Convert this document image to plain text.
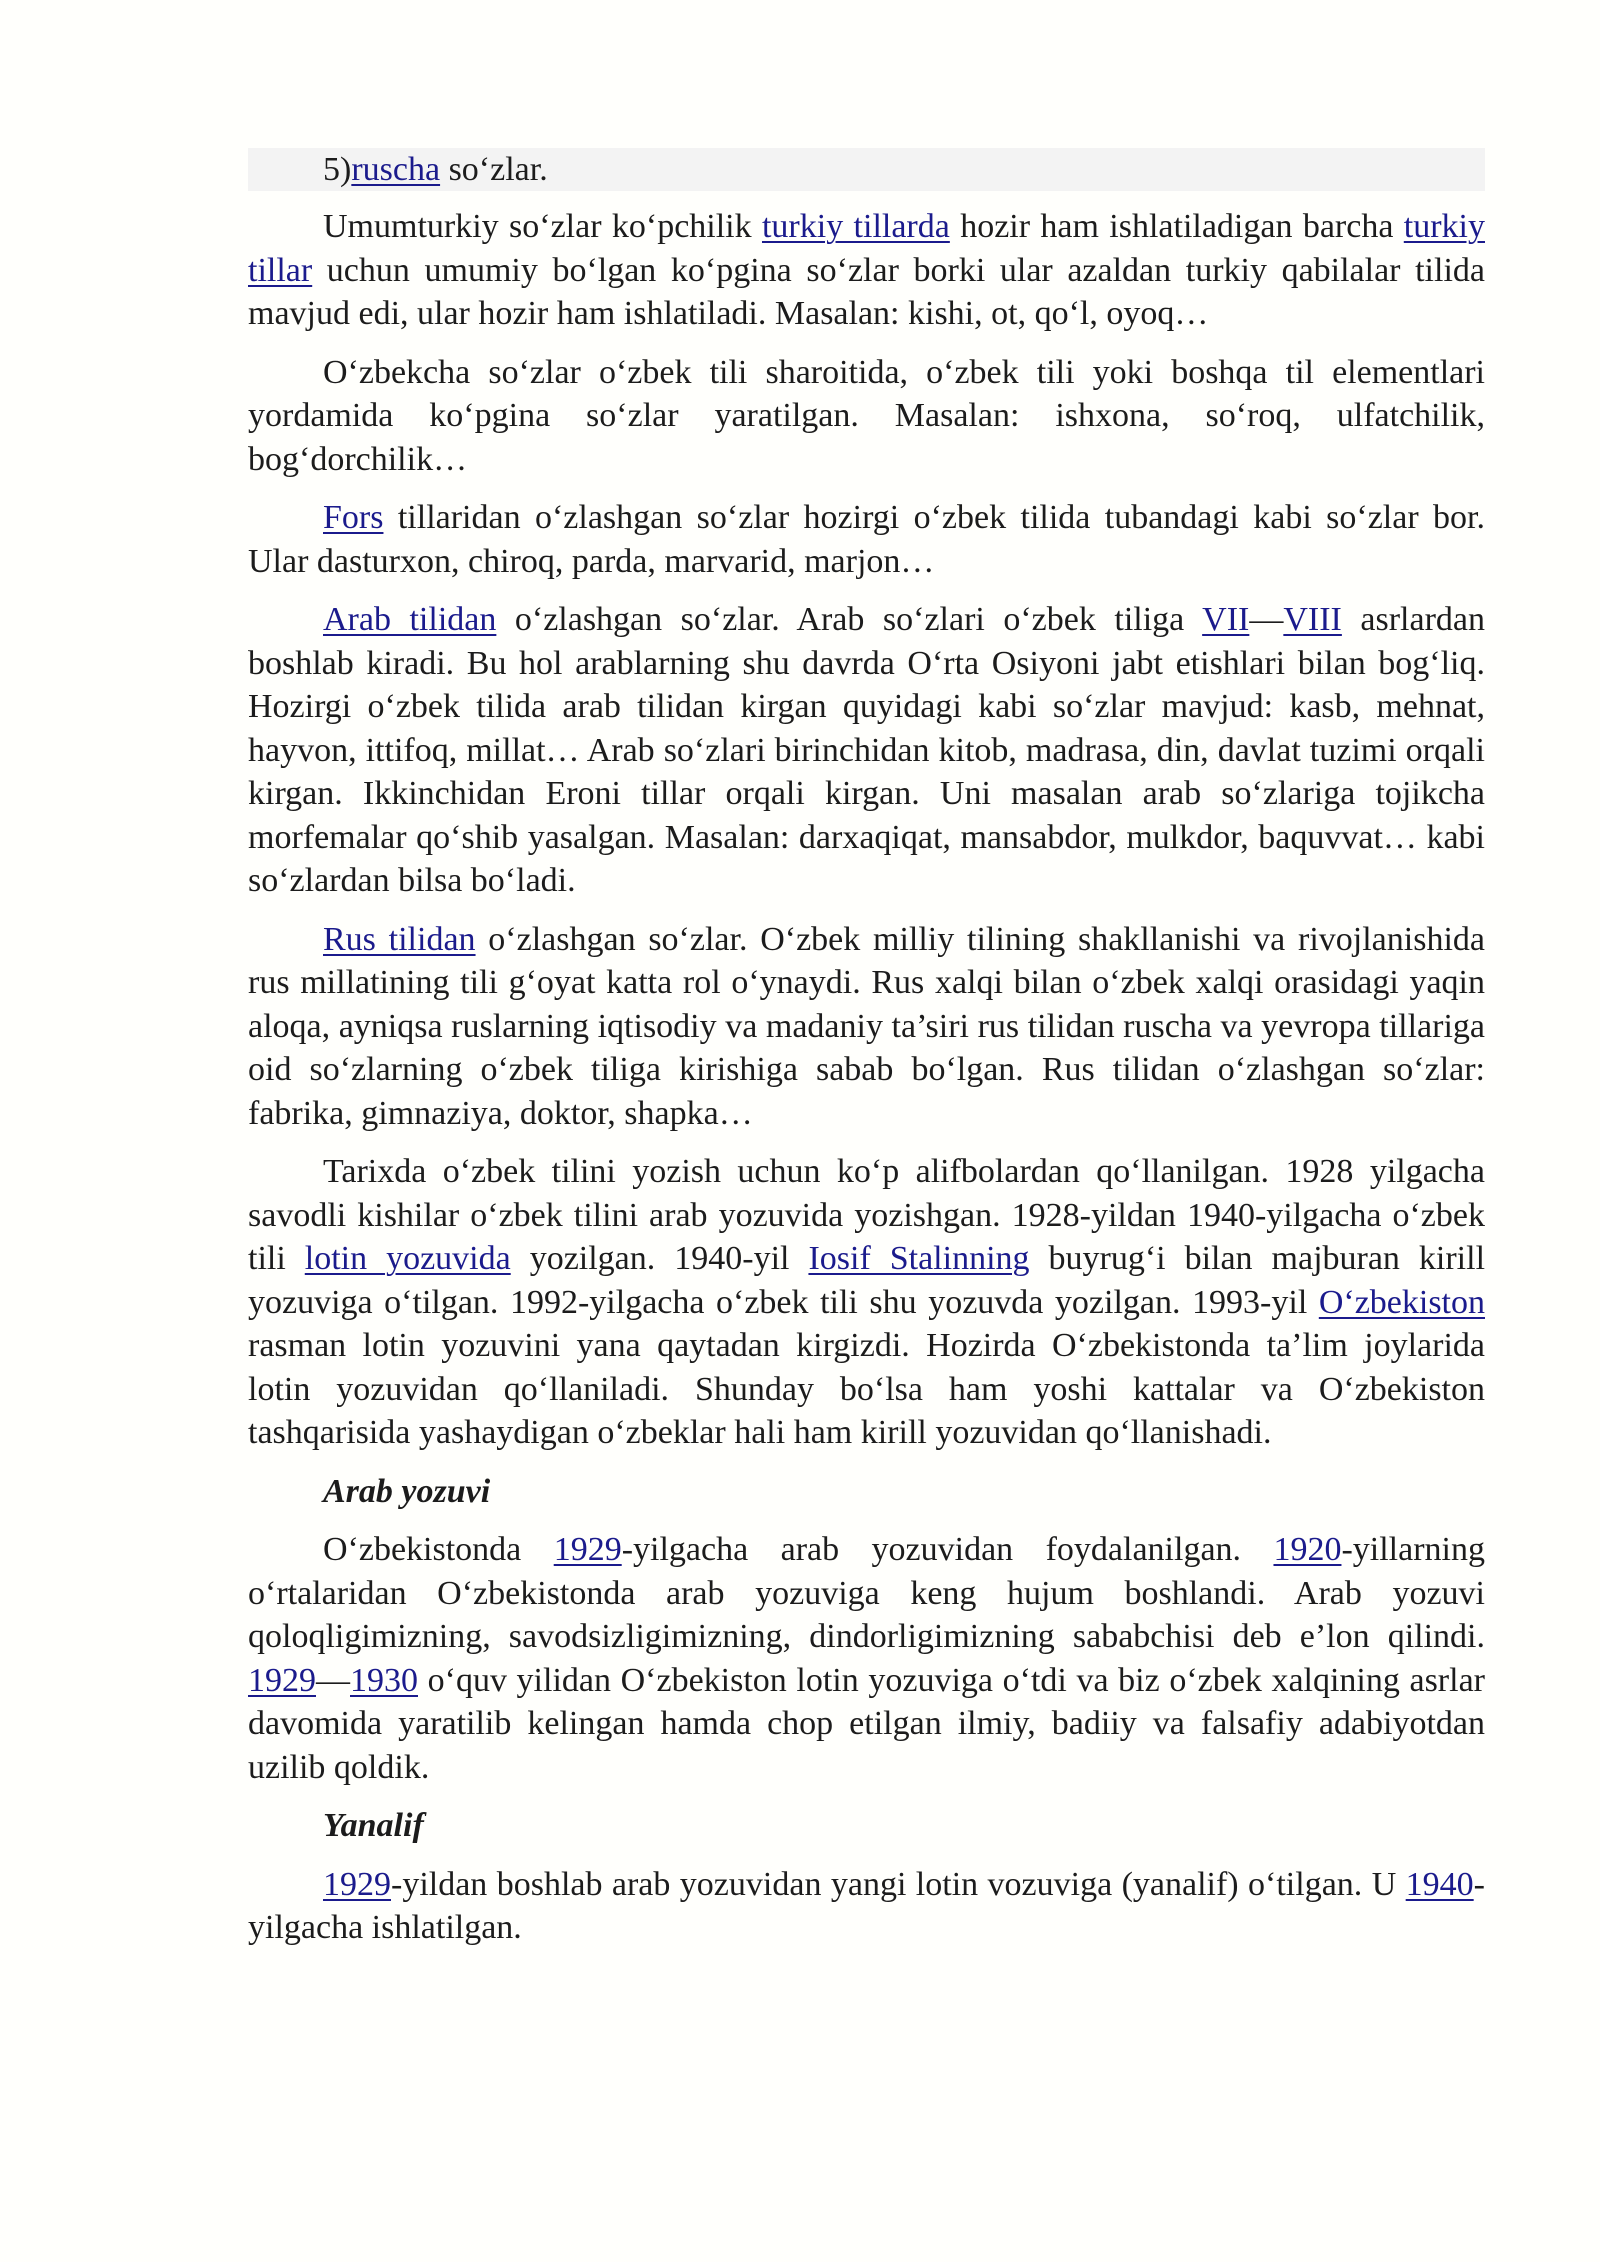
5)ruscha so‘zlar.

Umumturkiy so‘zlar ko‘pchilik turkiy tillarda hozir ham ishlatiladigan barcha turkiy tillar uchun umumiy bo‘lgan ko‘pgina so‘zlar borki ular azaldan turkiy qabilalar tilida mavjud edi, ular hozir ham ishlatiladi. Masalan: kishi, ot, qo‘l, oyoq…

O‘zbekcha so‘zlar o‘zbek tili sharoitida, o‘zbek tili yoki boshqa til elementlari yordamida ko‘pgina so‘zlar yaratilgan. Masalan: ishxona, so‘roq, ulfatchilik, bog‘dorchilik…

Fors tillaridan o‘zlashgan so‘zlar hozirgi o‘zbek tilida tubandagi kabi so‘zlar bor. Ular dasturxon, chiroq, parda, marvarid, marjon…

Arab tilidan o‘zlashgan so‘zlar. Arab so‘zlari o‘zbek tiliga VII—VIII asrlardan boshlab kiradi. Bu hol arablarning shu davrda O‘rta Osiyoni jabt etishlari bilan bog‘liq. Hozirgi o‘zbek tilida arab tilidan kirgan quyidagi kabi so‘zlar mavjud: kasb, mehnat, hayvon, ittifoq, millat… Arab so‘zlari birinchidan kitob, madrasa, din, davlat tuzimi orqali kirgan. Ikkinchidan Eroni tillar orqali kirgan. Uni masalan arab so‘zlariga tojikcha morfemalar qo‘shib yasalgan. Masalan: darxaqiqat, mansabdor, mulkdor, baquvvat… kabi so‘zlardan bilsa bo‘ladi.

Rus tilidan o‘zlashgan so‘zlar. O‘zbek milliy tilining shakllanishi va rivojlanishida rus millatining tili g‘oyat katta rol o‘ynaydi. Rus xalqi bilan o‘zbek xalqi orasidagi yaqin aloqa, ayniqsa ruslarning iqtisodiy va madaniy ta’siri rus tilidan ruscha va yevropa tillariga oid so‘zlarning o‘zbek tiliga kirishiga sabab bo‘lgan. Rus tilidan o‘zlashgan so‘zlar: fabrika, gimnaziya, doktor, shapka…

Tarixda o‘zbek tilini yozish uchun ko‘p alifbolardan qo‘llanilgan. 1928 yilgacha savodli kishilar o‘zbek tilini arab yozuvida yozishgan. 1928-yildan 1940-yilgacha o‘zbek tili lotin yozuvida yozilgan. 1940-yil Iosif Stalinning buyrug‘i bilan majburan kirill yozuviga o‘tilgan. 1992-yilgacha o‘zbek tili shu yozuvda yozilgan. 1993-yil O‘zbekiston rasman lotin yozuvini yana qaytadan kirgizdi. Hozirda O‘zbekistonda ta’lim joylarida lotin yozuvidan qo‘llaniladi. Shunday bo‘lsa ham yoshi kattalar va O‘zbekiston tashqarisida yashaydigan o‘zbeklar hali ham kirill yozuvidan qo‘llanishadi.

Arab yozuvi

O‘zbekistonda 1929-yilgacha arab yozuvidan foydalanilgan. 1920-yillarning o‘rtalaridan O‘zbekistonda arab yozuviga keng hujum boshlandi. Arab yozuvi qoloqligimizning, savodsizligimizning, dindorligimizning sababchisi deb e’lon qilindi. 1929—1930 o‘quv yilidan O‘zbekiston lotin yozuviga o‘tdi va biz o‘zbek xalqining asrlar davomida yaratilib kelingan hamda chop etilgan ilmiy, badiiy va falsafiy adabiyotdan uzilib qoldik.

Yanalif

1929-yildan boshlab arab yozuvidan yangi lotin vozuviga (yanalif) o‘tilgan. U 1940-yilgacha ishlatilgan.
